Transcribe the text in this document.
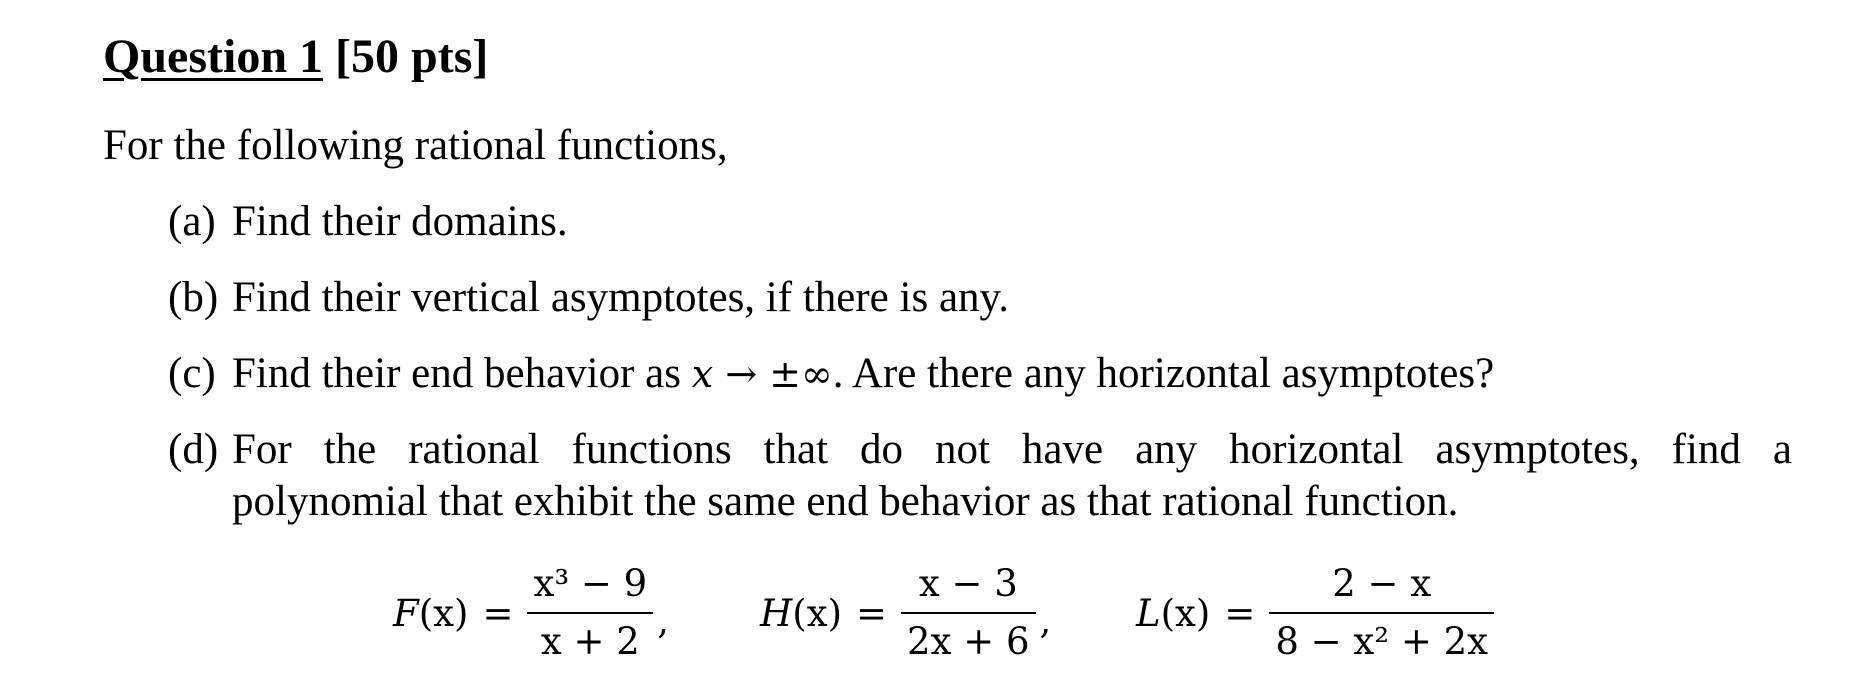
Question 1 [50 pts]
For the following rational functions,
(a) Find their domains.
(b) Find their vertical asymptotes, if there is any.
(c) Find their end behavior as x → ±∞. Are there any horizontal asymptotes?
(d) For the rational functions that do not have any horizontal asymptotes, find a
polynomial that exhibit the same end behavior as that rational function.
$F(x) = \frac{\text{x³ − 9}}{x + 2}$ , $H(x) = \frac{x - 3}{2x + 6}$ , $L(x) = \frac{2 - x}{\text{8 − x² + 2x}}$
